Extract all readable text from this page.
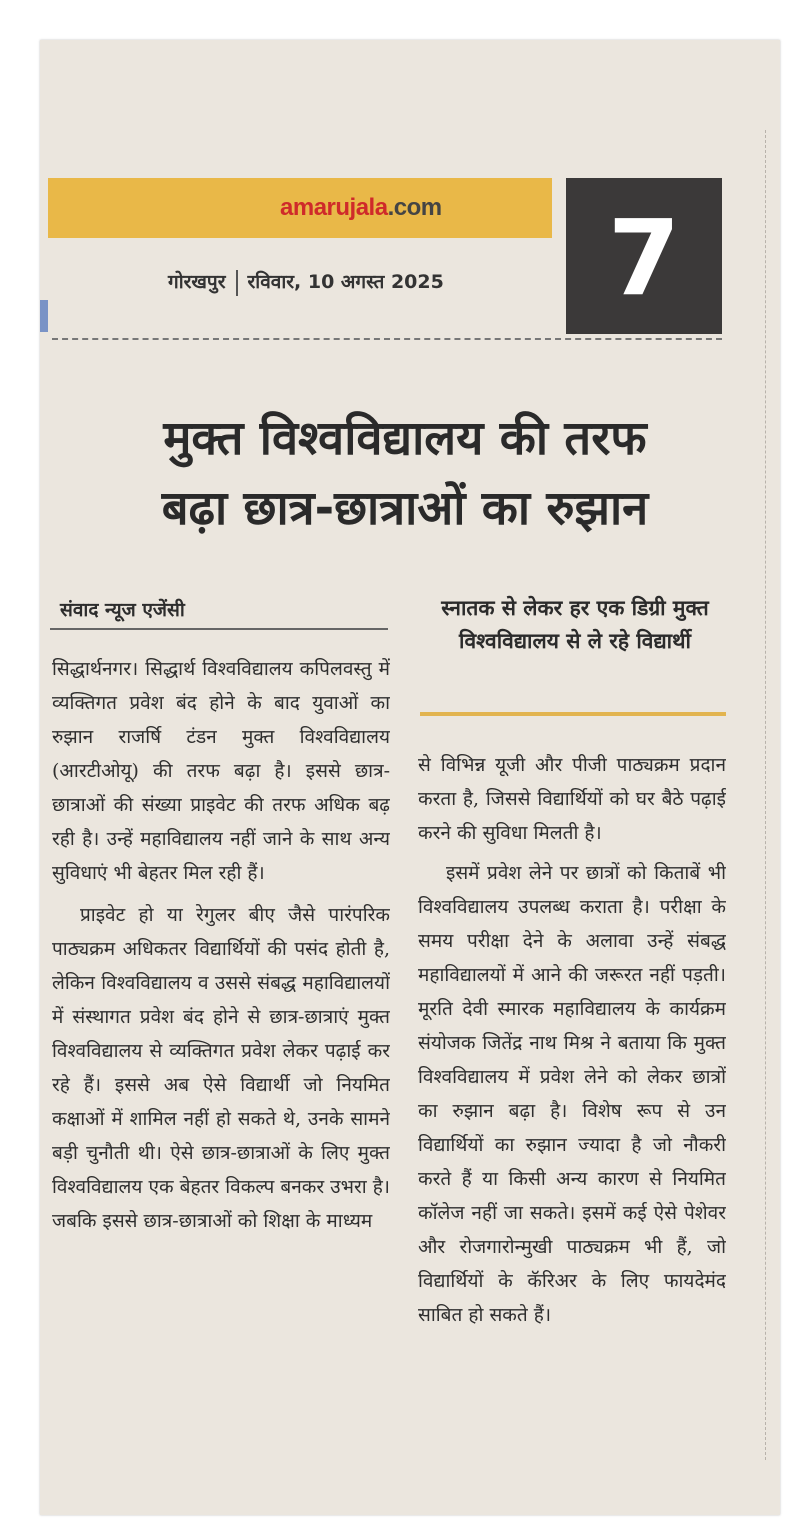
amarujala.com
गोरखपुर रविवार, 10 अगस्त 2025	7
मुक्त विश्वविद्यालय की तरफ
बढ़ा छात्र-छात्राओं का रुझान
संवाद न्यूज एजेंसी

सिद्धार्थनगर। सिद्धार्थ विश्वविद्यालय कपिलवस्तु में व्यक्तिगत प्रवेश बंद होने के बाद युवाओं का रुझान राजर्षि टंडन मुक्त विश्वविद्यालय (आरटीओयू) की तरफ बढ़ा है। इससे छात्र-छात्राओं की संख्या प्राइवेट की तरफ अधिक बढ़ रही है। उन्हें महाविद्यालय नहीं जाने के साथ अन्य सुविधाएं भी बेहतर मिल रही हैं।

प्राइवेट हो या रेगुलर बीए जैसे पारंपरिक पाठ्यक्रम अधिकतर विद्यार्थियों की पसंद होती है, लेकिन विश्वविद्यालय व उससे संबद्ध महाविद्यालयों में संस्थागत प्रवेश बंद होने से छात्र-छात्राएं मुक्त विश्वविद्यालय से व्यक्तिगत प्रवेश लेकर पढ़ाई कर रहे हैं। इससे अब ऐसे विद्यार्थी जो नियमित कक्षाओं में शामिल नहीं हो सकते थे, उनके सामने बड़ी चुनौती थी। ऐसे छात्र-छात्राओं के लिए मुक्त विश्वविद्यालय एक बेहतर विकल्प बनकर उभरा है। जबकि इससे छात्र-छात्राओं को शिक्षा के माध्यम

स्नातक से लेकर हर एक डिग्री मुक्त विश्वविद्यालय से ले रहे विद्यार्थी

से विभिन्न यूजी और पीजी पाठ्यक्रम प्रदान करता है, जिससे विद्यार्थियों को घर बैठे पढ़ाई करने की सुविधा मिलती है।

इसमें प्रवेश लेने पर छात्रों को किताबें भी विश्वविद्यालय उपलब्ध कराता है। परीक्षा के समय परीक्षा देने के अलावा उन्हें संबद्ध महाविद्यालयों में आने की जरूरत नहीं पड़ती। मूरति देवी स्मारक महाविद्यालय के कार्यक्रम संयोजक जितेंद्र नाथ मिश्र ने बताया कि मुक्त विश्वविद्यालय में प्रवेश लेने को लेकर छात्रों का रुझान बढ़ा है। विशेष रूप से उन विद्यार्थियों का रुझान ज्यादा है जो नौकरी करते हैं या किसी अन्य कारण से नियमित कॉलेज नहीं जा सकते। इसमें कई ऐसे पेशेवर और रोजगारोन्मुखी पाठ्यक्रम भी हैं, जो विद्यार्थियों के कॅरिअर के लिए फायदेमंद साबित हो सकते हैं।
